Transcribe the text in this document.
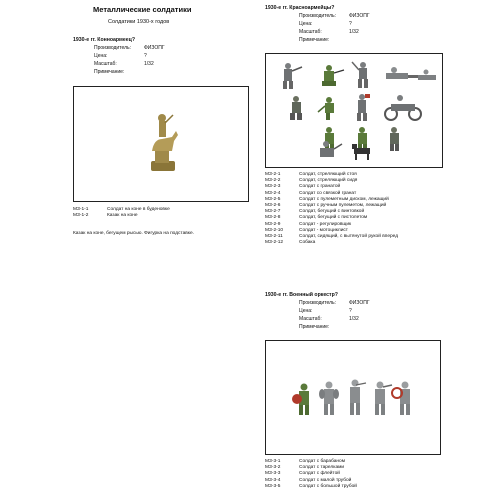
Металлические солдатики
Солдатики 1930-х годов
1930-е гг. Конноармеец?
Производитель:	ФИЗОПГ
Цена:	?
Масштаб:	1/32
Примечание:
МЗ-1-1	Солдат на коне в буденовке
МЗ-1-2	Казак на коне
Казак на коне, бегущем рысью. Фигурка на подставке.
1930-е гг. Красноармейцы?
Производитель:	ФИЗОПГ
Цена:	?
Масштаб:	1/32
Примечание:
МЗ-2-1	Солдат, стреляющий стоя
МЗ-2-2	Солдат, стреляющий сидя
МЗ-2-3	Солдат с гранатой
МЗ-2-4	Солдат со связкой гранат
МЗ-2-5	Солдат с пулеметным диском, лежащий
МЗ-2-6	Солдат с ручным пулеметом, лежащий
МЗ-2-7	Солдат, бегущий с винтовкой
МЗ-2-8	Солдат, бегущий с пистолетом
МЗ-2-9	Солдат - регулировщик
МЗ-2-10	Солдат - мотоциклист
МЗ-2-11	Солдат, сидящий, с вытянутой рукой вперед
МЗ-2-12	Собака
1930-е гг. Военный оркестр?
Производитель:	ФИЗОПГ
Цена:	?
Масштаб:	1/32
Примечание:
МЗ-3-1	Солдат с барабаном
МЗ-3-2	Солдат с тарелками
МЗ-3-3	Солдат с флейтой
МЗ-3-4	Солдат с малой трубой
МЗ-3-5	Солдат с большой трубой
